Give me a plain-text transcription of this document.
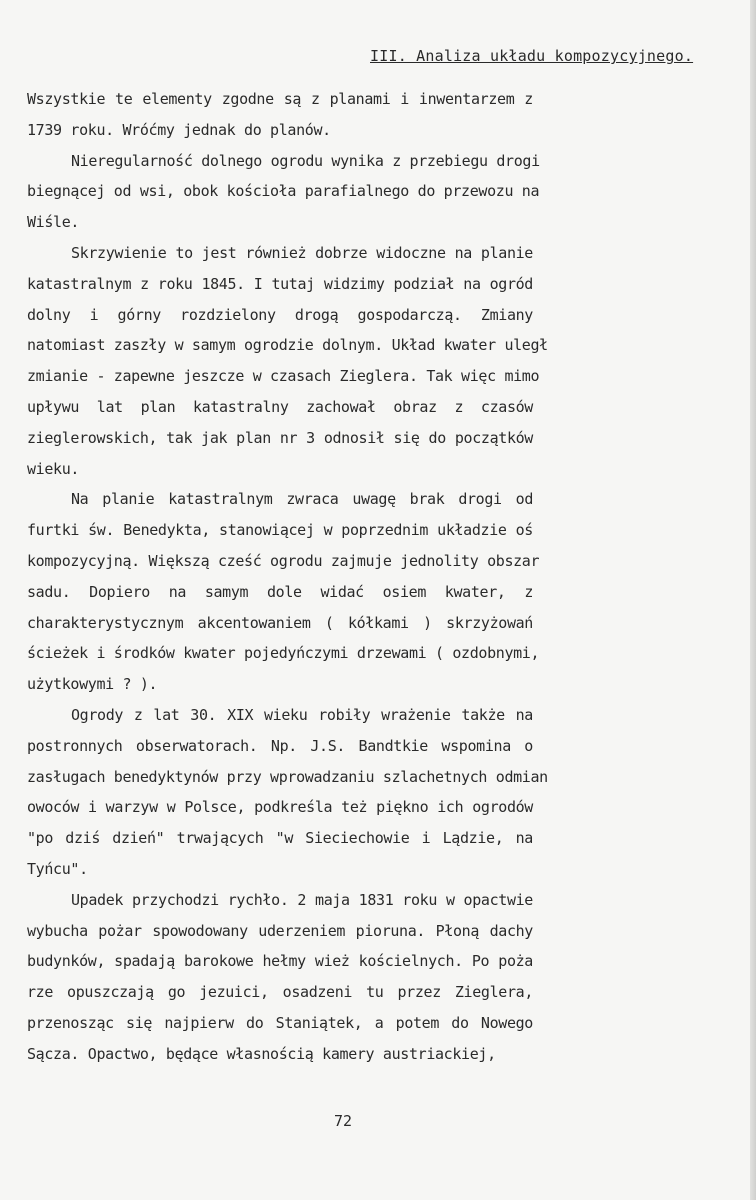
III. Analiza układu kompozycyjnego.
Wszystkie te elementy zgodne są z planami i inwentarzem z
1739 roku. Wróćmy jednak do planów.
Nieregularność dolnego ogrodu wynika z przebiegu drogi
biegnącej od wsi, obok kościoła parafialnego do przewozu na
Wiśle.
Skrzywienie to jest również dobrze widoczne na planie
katastralnym z roku 1845. I tutaj widzimy podział na ogród
dolny i górny rozdzielony drogą gospodarczą. Zmiany
natomiast zaszły w samym ogrodzie dolnym. Układ kwater uległ
zmianie - zapewne jeszcze w czasach Zieglera. Tak więc mimo
upływu lat plan katastralny zachował obraz z czasów
zieglerowskich, tak jak plan nr 3 odnosił się do początków
wieku.
Na planie katastralnym zwraca uwagę brak drogi od
furtki św. Benedykta, stanowiącej w poprzednim układzie oś
kompozycyjną. Większą cześć ogrodu zajmuje jednolity obszar
sadu. Dopiero na samym dole widać osiem kwater, z
charakterystycznym akcentowaniem ( kółkami ) skrzyżowań
ścieżek i środków kwater pojedyńczymi drzewami ( ozdobnymi,
użytkowymi ? ).
Ogrody z lat 30. XIX wieku robiły wrażenie także na
postronnych obserwatorach. Np. J.S. Bandtkie wspomina o
zasługach benedyktynów przy wprowadzaniu szlachetnych odmian
owoców i warzyw w Polsce, podkreśla też piękno ich ogrodów
"po dziś dzień" trwających "w Sieciechowie i Lądzie, na
Tyńcu".
Upadek przychodzi rychło. 2 maja 1831 roku w opactwie
wybucha pożar spowodowany uderzeniem pioruna. Płoną dachy
budynków, spadają barokowe hełmy wież kościelnych. Po poża
rze opuszczają go jezuici, osadzeni tu przez Zieglera,
przenosząc się najpierw do Staniątek, a potem do Nowego
Sącza. Opactwo, będące własnością kamery austriackiej,
72
